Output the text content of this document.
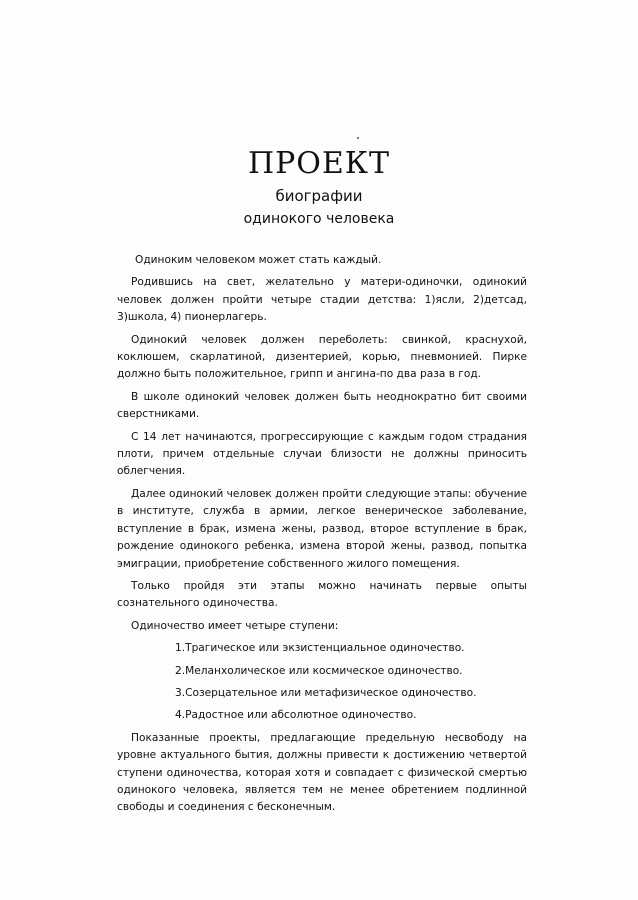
ПРОЕКТ
биографии
одинокого человека

Одиноким человеком может стать каждый.

Родившись на свет, желательно у матери-одиночки, одинокий человек должен пройти четыре стадии детства: 1)ясли, 2)детсад, 3)школа, 4) пионерлагерь.

Одинокий человек должен переболеть: свинкой, краснухой, коклюшем, скарлатиной, дизентерией, корью, пневмонией. Пирке должно быть положительное, грипп и ангина-по два раза в год.

В школе одинокий человек должен быть неоднократно бит своими сверстниками.

С 14 лет начинаются, прогрессирующие с каждым годом страдания плоти, причем отдельные случаи близости не должны приносить облегчения.

Далее одинокий человек должен пройти следующие этапы: обучение в институте, служба в армии, легкое венерическое заболевание, вступление в брак, измена жены, развод, второе вступление в брак, рождение одинокого ребенка, измена второй жены, развод, попытка эмиграции, приобретение собственного жилого помещения.

Только пройдя эти этапы можно начинать первые опыты сознательного одиночества.

Одиночество имеет четыре ступени:

1.Трагическое или экзистенциальное одиночество.
2.Меланхолическое или космическое одиночество.
3.Созерцательное или метафизическое одиночество.
4.Радостное или абсолютное одиночество.

Показанные проекты, предлагающие предельную несвободу на уровне актуального бытия, должны привести к достижению четвертой ступени одиночества, которая хотя и совпадает с физической смертью одинокого человека, является тем не менее обретением подлинной свободы и соединения с бесконечным.
